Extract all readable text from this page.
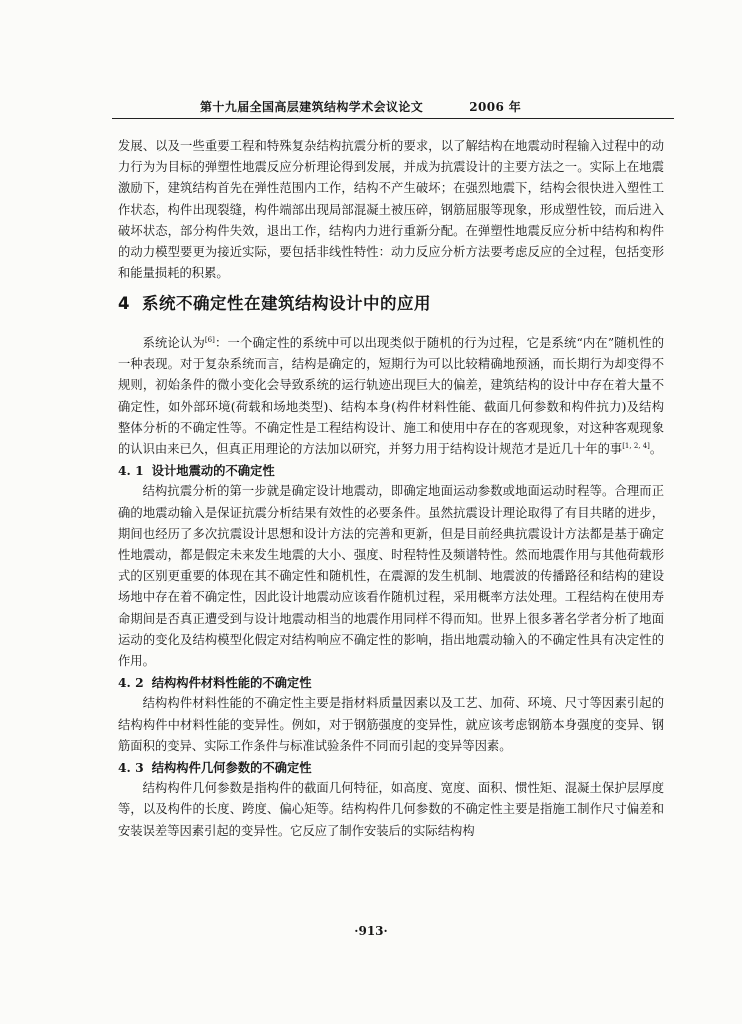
第十九届全国高层建筑结构学术会议论文	2006 年

发展、以及一些重要工程和特殊复杂结构抗震分析的要求，以了解结构在地震动时程输入过程中的动力行为为目标的弹塑性地震反应分析理论得到发展，并成为抗震设计的主要方法之一。实际上在地震激励下，建筑结构首先在弹性范围内工作，结构不产生破坏；在强烈地震下，结构会很快进入塑性工作状态，构件出现裂缝，构件端部出现局部混凝土被压碎，钢筋屈服等现象，形成塑性铰，而后进入破坏状态，部分构件失效，退出工作，结构内力进行重新分配。在弹塑性地震反应分析中结构和构件的动力模型要更为接近实际，要包括非线性特性：动力反应分析方法要考虑反应的全过程，包括变形和能量损耗的积累。

4 系统不确定性在建筑结构设计中的应用

系统论认为[6]：一个确定性的系统中可以出现类似于随机的行为过程，它是系统“内在”随机性的一种表现。对于复杂系统而言，结构是确定的，短期行为可以比较精确地预涵，而长期行为却变得不规则，初始条件的微小变化会导致系统的运行轨迹出现巨大的偏差，建筑结构的设计中存在着大量不确定性，如外部环境(荷载和场地类型)、结构本身(构件材料性能、截面几何参数和构件抗力)及结构整体分析的不确定性等。不确定性是工程结构设计、施工和使用中存在的客观现象，对这种客观现象的认识由来已久，但真正用理论的方法加以研究，并努力用于结构设计规范才是近几十年的事[1, 2, 4]。

4. 1 设计地震动的不确定性

结构抗震分析的第一步就是确定设计地震动，即确定地面运动参数或地面运动时程等。合理而正确的地震动输入是保证抗震分析结果有效性的必要条件。虽然抗震设计理论取得了有目共睹的进步，期间也经历了多次抗震设计思想和设计方法的完善和更新，但是目前经典抗震设计方法都是基于确定性地震动，都是假定未来发生地震的大小、强度、时程特性及频谱特性。然而地震作用与其他荷载形式的区别更重要的体现在其不确定性和随机性，在震源的发生机制、地震波的传播路径和结构的建设场地中存在着不确定性，因此设计地震动应该看作随机过程，采用概率方法处理。工程结构在使用寿命期间是否真正遭受到与设计地震动相当的地震作用同样不得而知。世界上很多著名学者分析了地面运动的变化及结构模型化假定对结构响应不确定性的影响，指出地震动输入的不确定性具有决定性的作用。

4. 2 结构构件材料性能的不确定性

结构构件材料性能的不确定性主要是指材料质量因素以及工艺、加荷、环境、尺寸等因素引起的结构构件中材料性能的变异性。例如，对于钢筋强度的变异性，就应该考虑钢筋本身强度的变异、钢筋面积的变异、实际工作条件与标准试验条件不同而引起的变异等因素。

4. 3 结构构件几何参数的不确定性

结构构件几何参数是指构件的截面几何特征，如高度、宽度、面积、惯性矩、混凝土保护层厚度等，以及构件的长度、跨度、偏心矩等。结构构件几何参数的不确定性主要是指施工制作尺寸偏差和安装误差等因素引起的变异性。它反应了制作安装后的实际结构构

·913·
